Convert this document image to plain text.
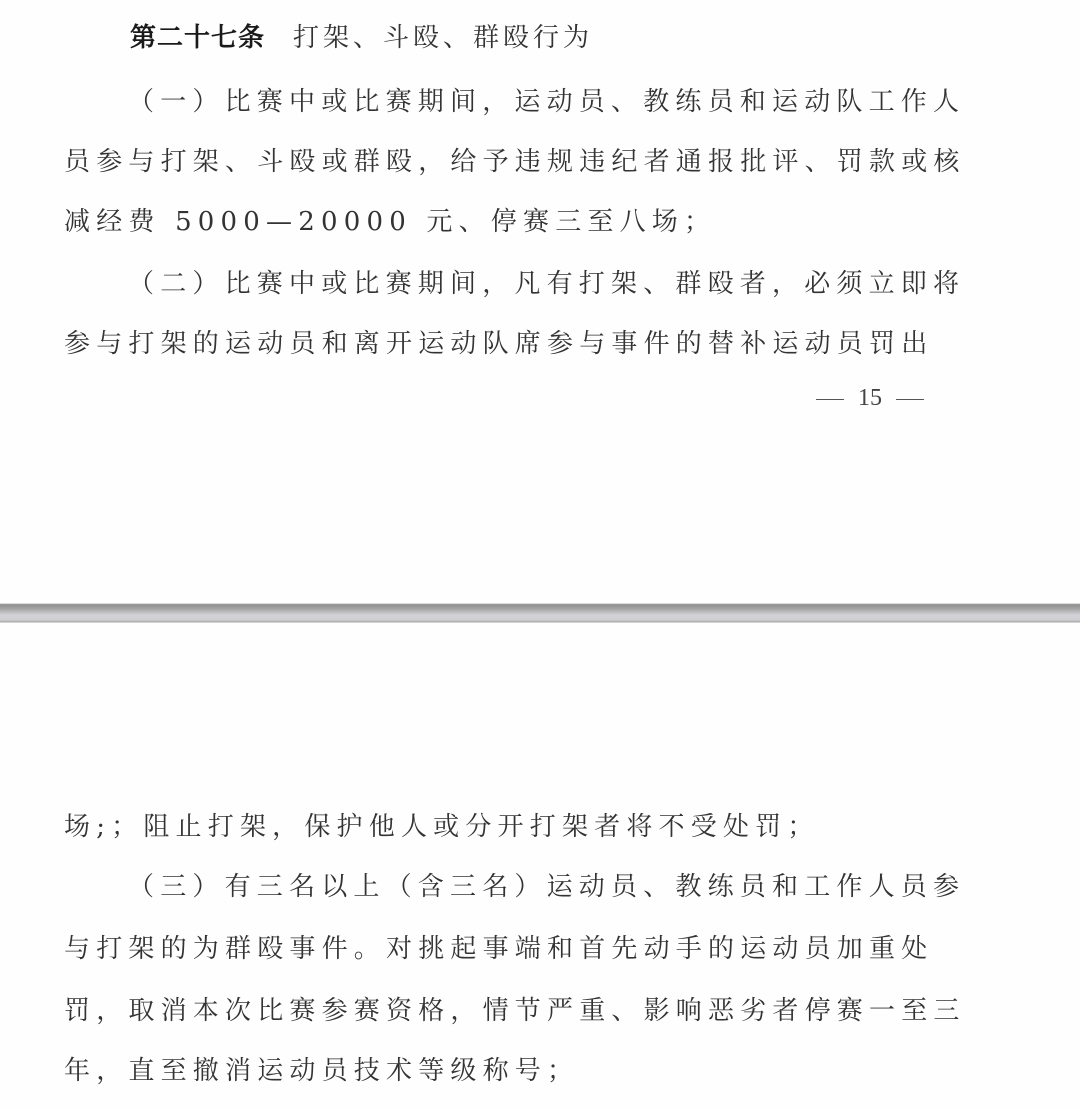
第二十七条 打架、斗殴、群殴行为
（一）比赛中或比赛期间，运动员、教练员和运动队工作人
员参与打架、斗殴或群殴，给予违规违纪者通报批评、罚款或核
减经费 5000—20000 元、停赛三至八场；
（二）比赛中或比赛期间，凡有打架、群殴者，必须立即将
参与打架的运动员和离开运动队席参与事件的替补运动员罚出
15
场;；阻止打架，保护他人或分开打架者将不受处罚；
（三）有三名以上（含三名）运动员、教练员和工作人员参
与打架的为群殴事件。对挑起事端和首先动手的运动员加重处
罚，取消本次比赛参赛资格，情节严重、影响恶劣者停赛一至三
年，直至撤消运动员技术等级称号；
